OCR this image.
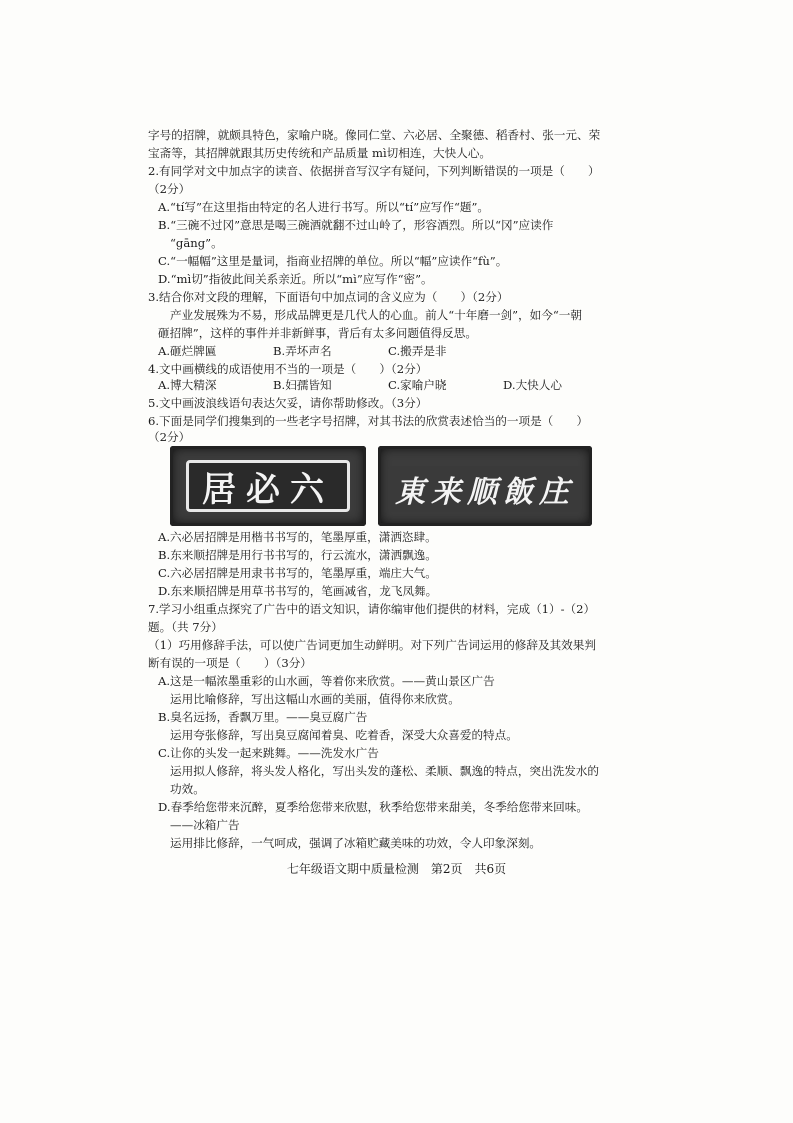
字号的招牌，就颇具特色，家喻户晓。像同仁堂、六必居、全聚德、稻香村、张一元、荣
宝斋等，其招牌就跟其历史传统和产品质量 mì切相连，大快人心。
2.有同学对文中加点字的读音、依据拼音写汉字有疑问，下列判断错误的一项是（　　）
（2分）
A.“tí写”在这里指由特定的名人进行书写。所以“tí”应写作“题”。
B.“三碗不过冈”意思是喝三碗酒就翻不过山岭了，形容酒烈。所以“冈”应读作
“gāng”。
C.“一幅幅”这里是量词，指商业招牌的单位。所以“幅”应读作“fù”。
D.“mì切”指彼此间关系亲近。所以“mì”应写作“密”。
3.结合你对文段的理解，下面语句中加点词的含义应为（　　）（2分）
产业发展殊为不易，形成品牌更是几代人的心血。前人“十年磨一剑”，如今“一朝
砸招牌”，这样的事件并非新鲜事，背后有太多问题值得反思。
A.砸烂牌匾	B.弄坏声名	C.搬弄是非
4.文中画横线的成语使用不当的一项是（　　）（2分）
A.博大精深	B.妇孺皆知	C.家喻户晓	D.大快人心
5.文中画波浪线语句表达欠妥，请你帮助修改。（3分）
6.下面是同学们搜集到的一些老字号招牌，对其书法的欣赏表述恰当的一项是（　　）
（2分）
居必六 東来顺飯庄
A.六必居招牌是用楷书书写的，笔墨厚重，潇洒恣肆。
B.东来顺招牌是用行书书写的，行云流水，潇洒飘逸。
C.六必居招牌是用隶书书写的，笔墨厚重，端庄大气。
D.东来顺招牌是用草书书写的，笔画减省，龙飞凤舞。
7.学习小组重点探究了广告中的语文知识，请你编审他们提供的材料，完成（1）-（2）
题。（共 7分）
（1）巧用修辞手法，可以使广告词更加生动鲜明。对下列广告词运用的修辞及其效果判
断有误的一项是（　　）（3分）
A.这是一幅浓墨重彩的山水画，等着你来欣赏。——黄山景区广告
运用比喻修辞，写出这幅山水画的美丽，值得你来欣赏。
B.臭名远扬，香飘万里。——臭豆腐广告
运用夸张修辞，写出臭豆腐闻着臭、吃着香，深受大众喜爱的特点。
C.让你的头发一起来跳舞。——洗发水广告
运用拟人修辞，将头发人格化，写出头发的蓬松、柔顺、飘逸的特点，突出洗发水的
功效。
D.春季给您带来沉醉，夏季给您带来欣慰，秋季给您带来甜美，冬季给您带来回味。
——冰箱广告
运用排比修辞，一气呵成，强调了冰箱贮藏美味的功效，令人印象深刻。
七年级语文期中质量检测　第2页　共6页
